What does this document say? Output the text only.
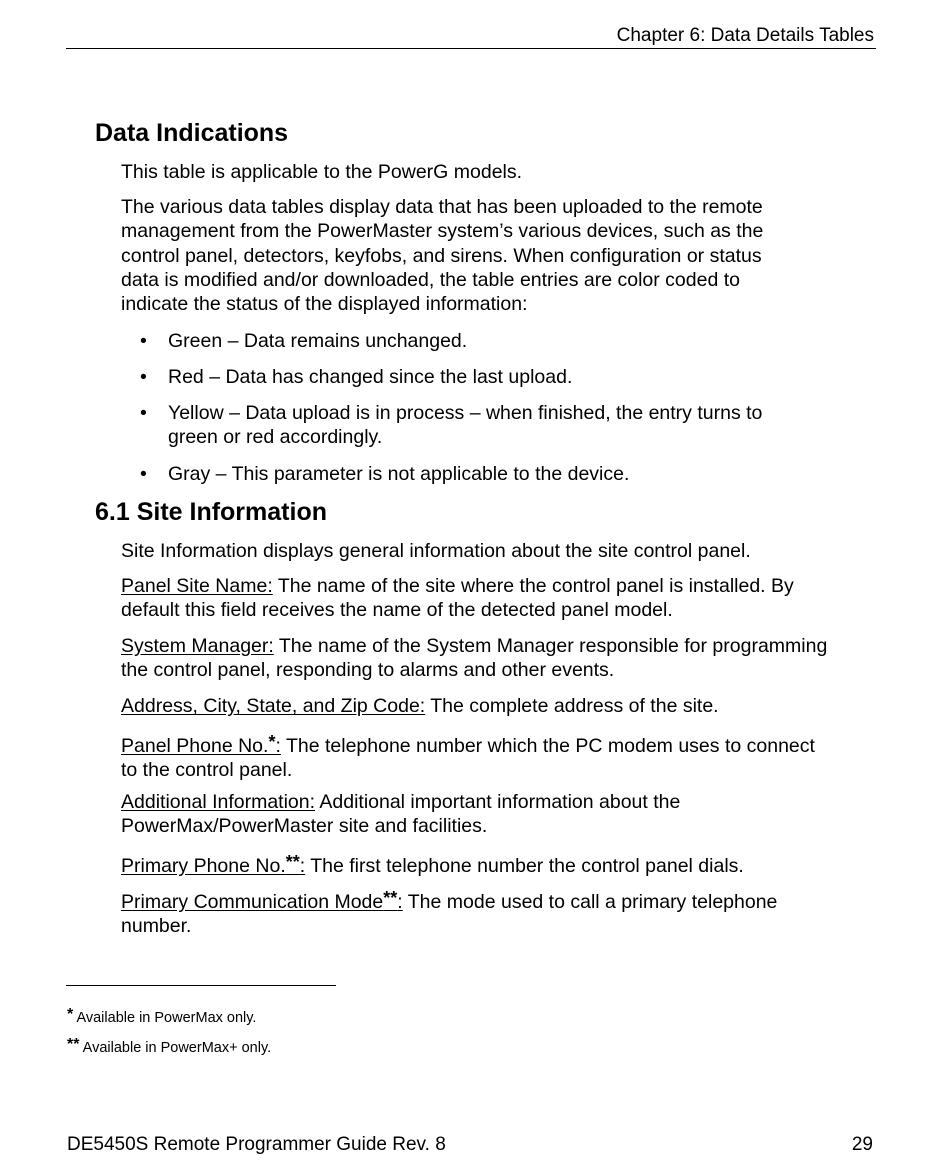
Chapter 6: Data Details Tables
Data Indications

This table is applicable to the PowerG models.

The various data tables display data that has been uploaded to the remote
management from the PowerMaster system’s various devices, such as the
control panel, detectors, keyfobs, and sirens. When configuration or status
data is modified and/or downloaded, the table entries are color coded to
indicate the status of the displayed information:
• Green – Data remains unchanged.
• Red – Data has changed since the last upload.
• Yellow – Data upload is in process – when finished, the entry turns to
green or red accordingly.
• Gray – This parameter is not applicable to the device.
6.1 Site Information

Site Information displays general information about the site control panel.

Panel Site Name: The name of the site where the control panel is installed. By
default this field receives the name of the detected panel model.
System Manager: The name of the System Manager responsible for programming
the control panel, responding to alarms and other events.
Address, City, State, and Zip Code: The complete address of the site.
Panel Phone No.*: The telephone number which the PC modem uses to connect
to the control panel.
Additional Information: Additional important information about the
PowerMax/PowerMaster site and facilities.
Primary Phone No.**: The first telephone number the control panel dials.
Primary Communication Mode**: The mode used to call a primary telephone
number.
* Available in PowerMax only.
** Available in PowerMax+ only.
DE5450S Remote Programmer Guide Rev. 8	29
